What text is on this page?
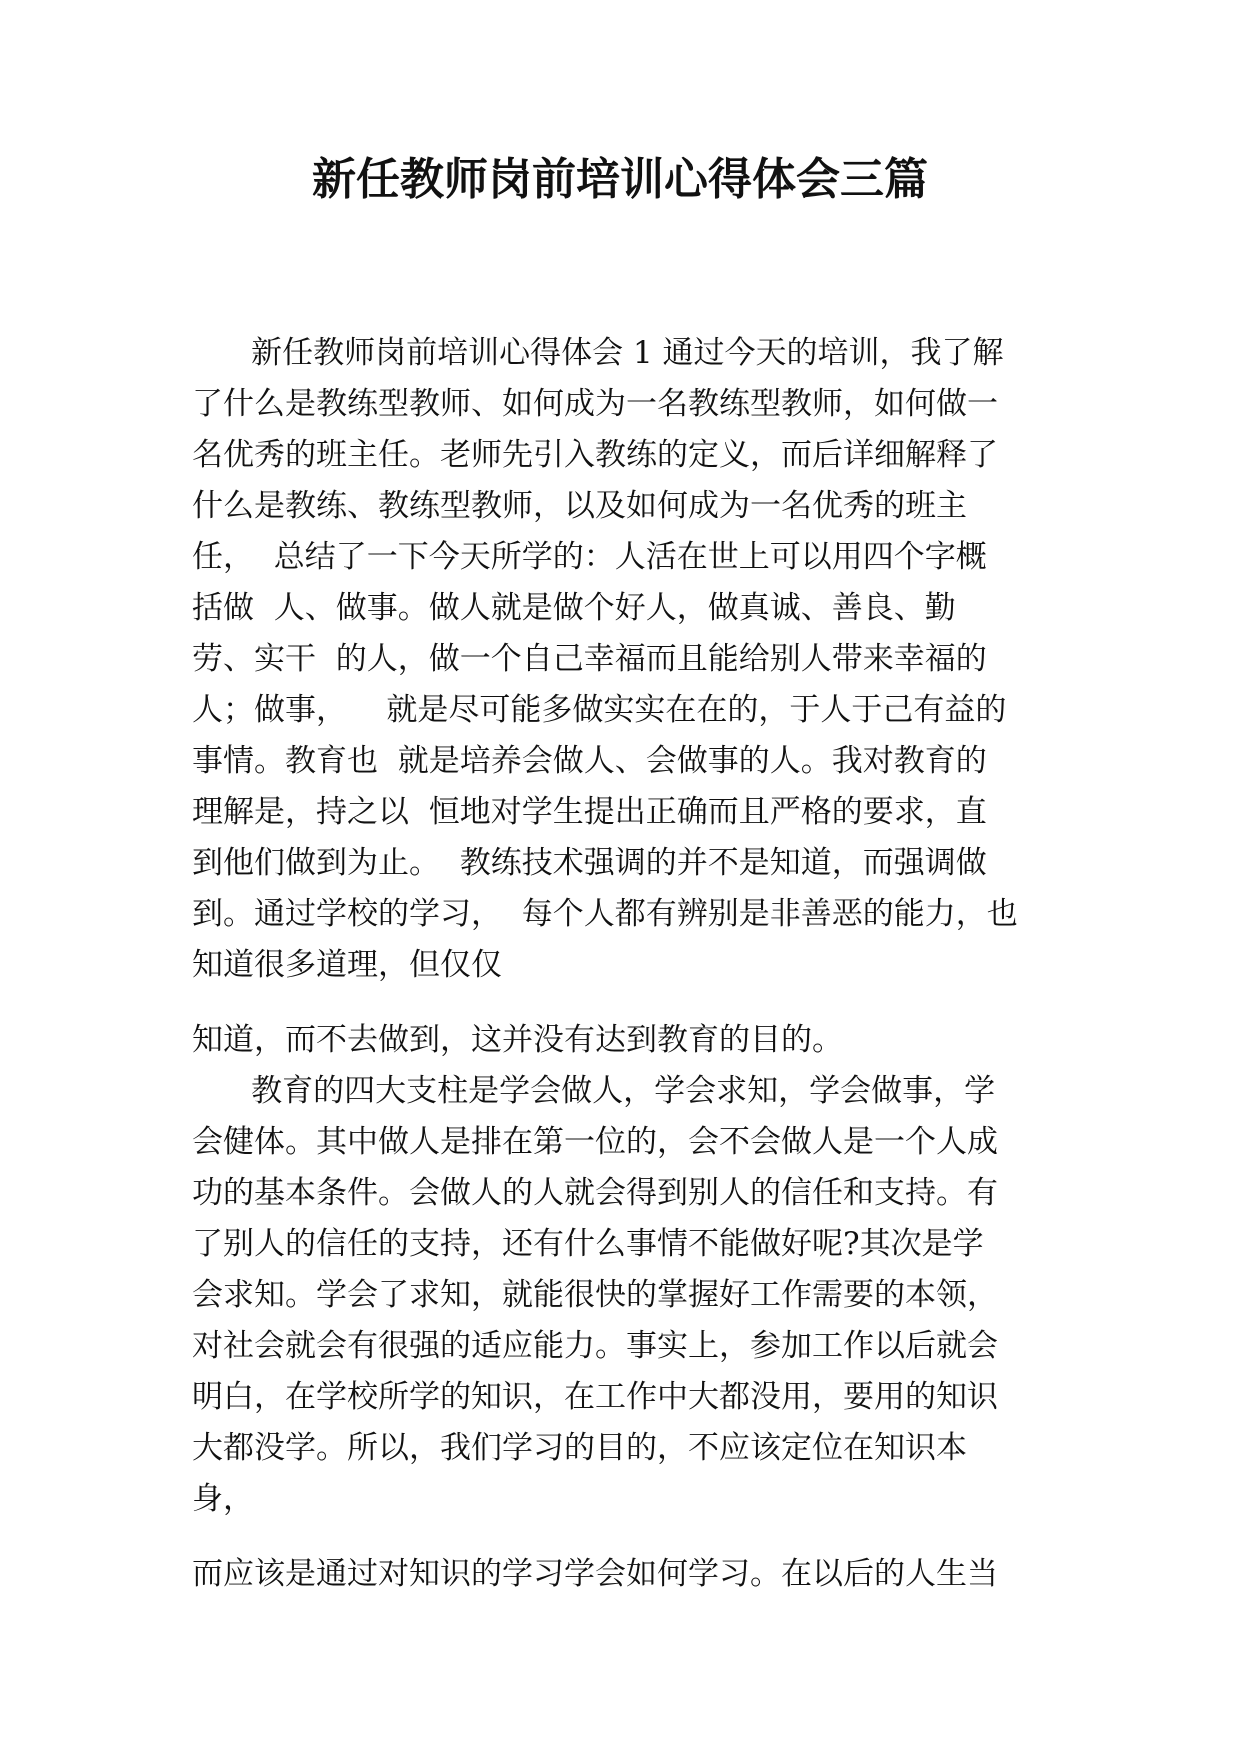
新任教师岗前培训心得体会三篇
新任教师岗前培训心得体会 1 通过今天的培训，我了解
了什么是教练型教师、如何成为一名教练型教师，如何做一
名优秀的班主任。老师先引入教练的定义，而后详细解释了
什么是教练、教练型教师，以及如何成为一名优秀的班主
任，  总结了一下今天所学的：人活在世上可以用四个字概
括做  人、做事。做人就是做个好人，做真诚、善良、勤
劳、实干  的人，做一个自己幸福而且能给别人带来幸福的
人；做事，    就是尽可能多做实实在在的，于人于己有益的
事情。教育也  就是培养会做人、会做事的人。我对教育的
理解是，持之以  恒地对学生提出正确而且严格的要求，直
到他们做到为止。  教练技术强调的并不是知道，而强调做
到。通过学校的学习，  每个人都有辨别是非善恶的能力，也
知道很多道理，但仅仅
知道，而不去做到，这并没有达到教育的目的。
教育的四大支柱是学会做人，学会求知，学会做事，学
会健体。其中做人是排在第一位的，会不会做人是一个人成
功的基本条件。会做人的人就会得到别人的信任和支持。有
了别人的信任的支持，还有什么事情不能做好呢?其次是学
会求知。学会了求知，就能很快的掌握好工作需要的本领，
对社会就会有很强的适应能力。事实上，参加工作以后就会
明白，在学校所学的知识，在工作中大都没用，要用的知识
大都没学。所以，我们学习的目的，不应该定位在知识本
身，
而应该是通过对知识的学习学会如何学习。在以后的人生当
